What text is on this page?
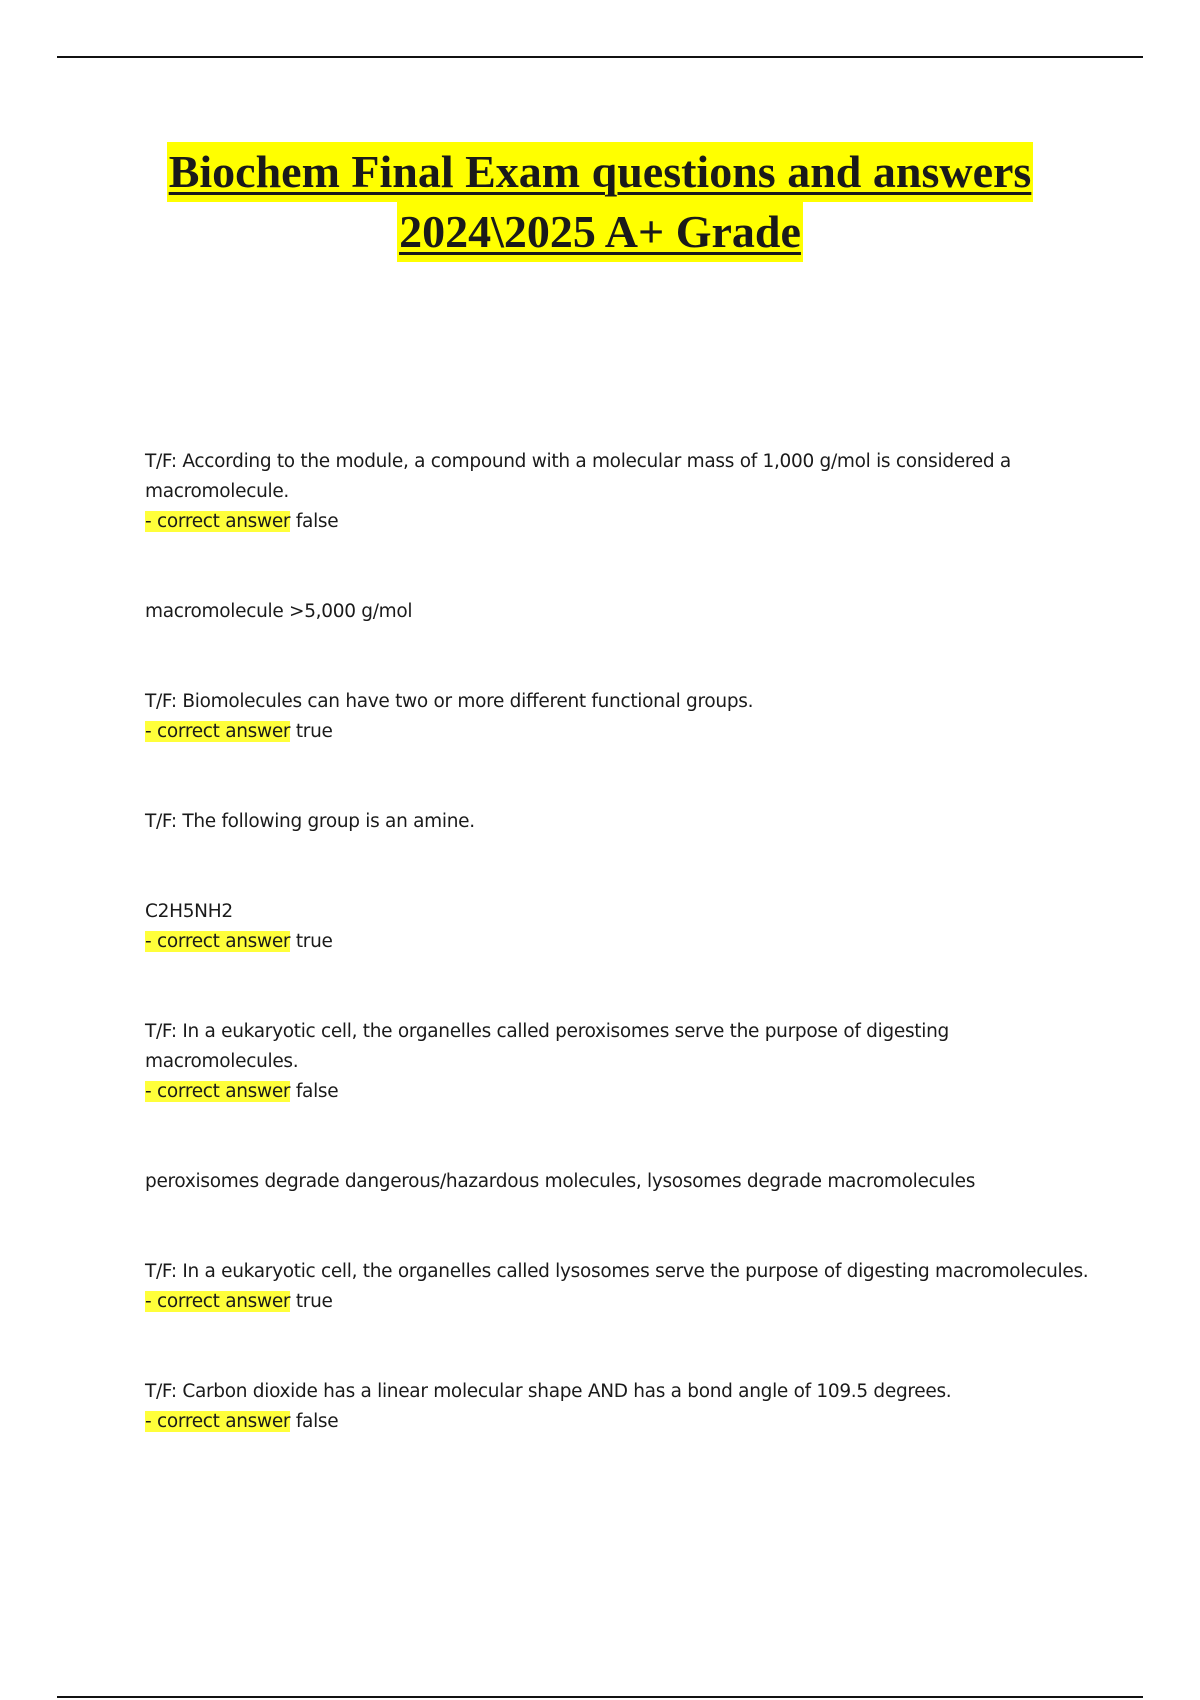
Biochem Final Exam questions and answers
2024\2025 A+ Grade
T/F: According to the module, a compound with a molecular mass of 1,000 g/mol is considered a
macromolecule.
- correct answer false
macromolecule >5,000 g/mol
T/F: Biomolecules can have two or more different functional groups.
- correct answer true
T/F: The following group is an amine.
C2H5NH2
- correct answer true
T/F: In a eukaryotic cell, the organelles called peroxisomes serve the purpose of digesting
macromolecules.
- correct answer false
peroxisomes degrade dangerous/hazardous molecules, lysosomes degrade macromolecules
T/F: In a eukaryotic cell, the organelles called lysosomes serve the purpose of digesting macromolecules.
- correct answer true
T/F: Carbon dioxide has a linear molecular shape AND has a bond angle of 109.5 degrees.
- correct answer false
